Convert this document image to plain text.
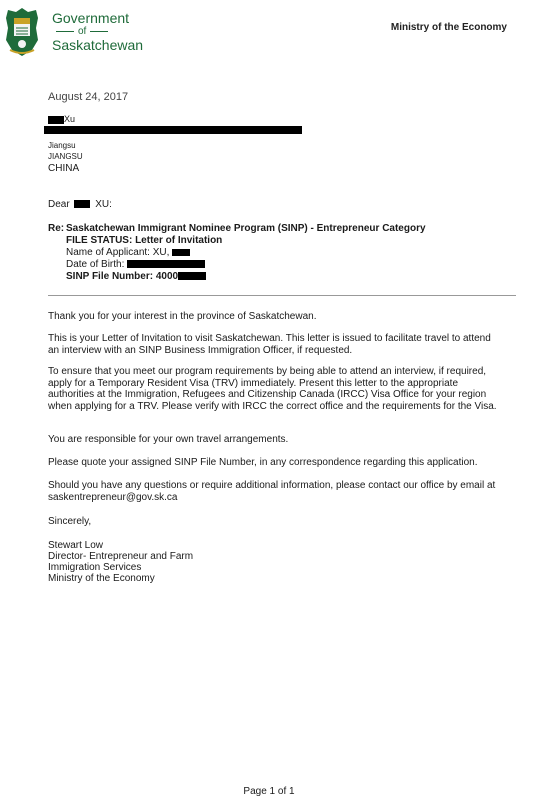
Government
of
Saskatchewan
Ministry of the Economy
August 24, 2017
Xu
Jiangsu
JIANGSU
CHINA
Dear	XU:
Re: Saskatchewan Immigrant Nominee Program (SINP) - Entrepreneur Category
FILE STATUS: Letter of Invitation
Name of Applicant: XU,
Date of Birth:
SINP File Number: 4000
Thank you for your interest in the province of Saskatchewan.
This is your Letter of Invitation to visit Saskatchewan. This letter is issued to facilitate travel to attend an interview with an SINP Business Immigration Officer, if requested.
To ensure that you meet our program requirements by being able to attend an interview, if required, apply for a Temporary Resident Visa (TRV) immediately. Present this letter to the appropriate authorities at the Immigration, Refugees and Citizenship Canada (IRCC) Visa Office for your region when applying for a TRV. Please verify with IRCC the correct office and the requirements for the Visa.
You are responsible for your own travel arrangements.
Please quote your assigned SINP File Number, in any correspondence regarding this application.
Should you have any questions or require additional information, please contact our office by email at saskentrepreneur@gov.sk.ca
Sincerely,
Stewart Low
Director- Entrepreneur and Farm
Immigration Services
Ministry of the Economy
Page 1 of 1
